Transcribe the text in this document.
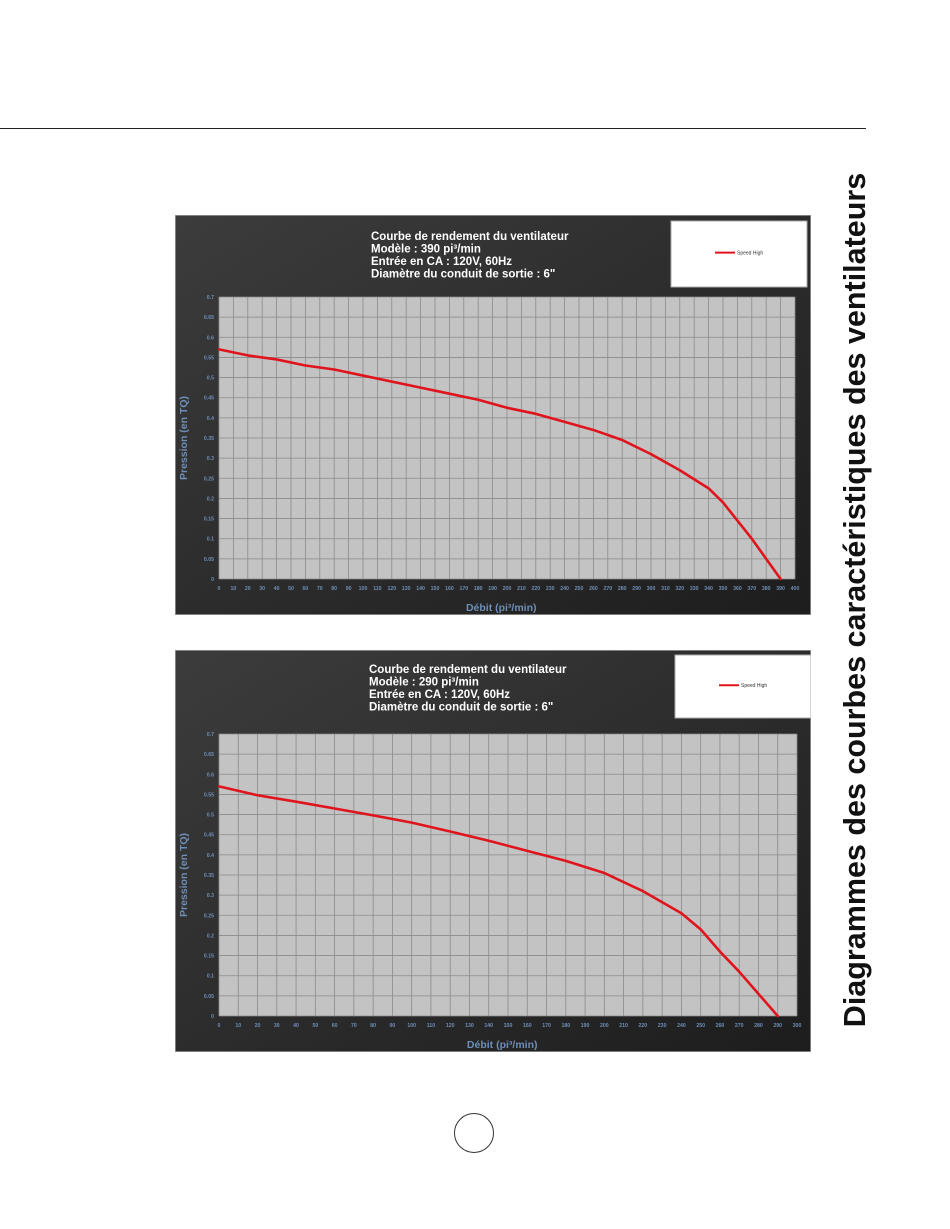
Diagrammes des courbes caractéristiques des ventilateurs
Courbe de rendement du ventilateur
Modèle : 390 pi³/min
Entrée en CA : 120V, 60Hz
Diamètre du conduit de sortie : 6"
Speed High
0 10 20 30 40 50 60 70 80 90 100 110 120 130 140 150 160 170 180 190 200 210 220 230 240 250 260 270 280 290 300 310 320 330 340 350 360 370 380 390 400
0
0.05
0.1
0.15
0.2
0.25
0.3
0.35
0.4
0.45
0.5
0.55
0.6
0.65
0.7
Débit (pi³/min)
Pression (en TQ)
Courbe de rendement du ventilateur
Modèle : 290 pi³/min
Entrée en CA : 120V, 60Hz
Diamètre du conduit de sortie : 6"
Speed High
0	10	20	30	40	50	60	70	80	90 100 110 120 130 140 150 160 170 180 190 200 210 220 230 240 250 260 270 280 290 300
0
0.05
0.1
0.15
0.2
0.25
0.3
0.35
0.4
0.45
0.5
0.55
0.6
0.65
0.7
Débit (pi³/min)
Pression (en TQ)
